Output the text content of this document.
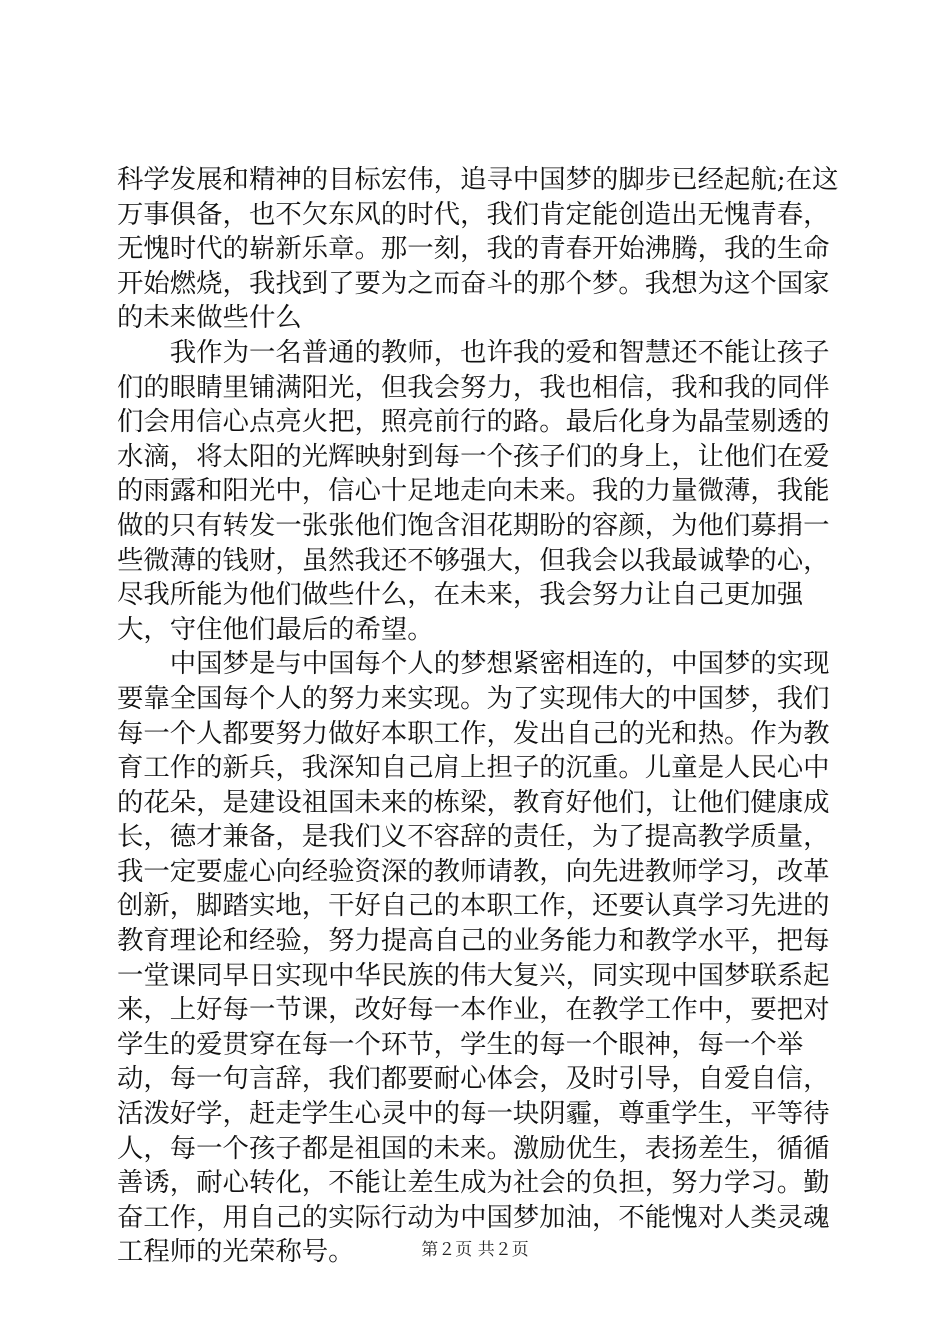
科学发展和精神的目标宏伟，追寻中国梦的脚步已经起航;在这万事俱备，也不欠东风的时代，我们肯定能创造出无愧青春，无愧时代的崭新乐章。那一刻，我的青春开始沸腾，我的生命开始燃烧，我找到了要为之而奋斗的那个梦。我想为这个国家的未来做些什么

我作为一名普通的教师，也许我的爱和智慧还不能让孩子们的眼睛里铺满阳光，但我会努力，我也相信，我和我的同伴们会用信心点亮火把，照亮前行的路。最后化身为晶莹剔透的水滴，将太阳的光辉映射到每一个孩子们的身上，让他们在爱的雨露和阳光中，信心十足地走向未来。我的力量微薄，我能做的只有转发一张张他们饱含泪花期盼的容颜，为他们募捐一些微薄的钱财，虽然我还不够强大，但我会以我最诚挚的心，尽我所能为他们做些什么，在未来，我会努力让自己更加强大，守住他们最后的希望。

中国梦是与中国每个人的梦想紧密相连的，中国梦的实现要靠全国每个人的努力来实现。为了实现伟大的中国梦，我们每一个人都要努力做好本职工作，发出自己的光和热。作为教育工作的新兵，我深知自己肩上担子的沉重。儿童是人民心中的花朵，是建设祖国未来的栋梁，教育好他们，让他们健康成长，德才兼备，是我们义不容辞的责任，为了提高教学质量，我一定要虚心向经验资深的教师请教，向先进教师学习，改革创新，脚踏实地，干好自己的本职工作，还要认真学习先进的教育理论和经验，努力提高自己的业务能力和教学水平，把每一堂课同早日实现中华民族的伟大复兴，同实现中国梦联系起来，上好每一节课，改好每一本作业，在教学工作中，要把对学生的爱贯穿在每一个环节，学生的每一个眼神，每一个举动，每一句言辞，我们都要耐心体会，及时引导，自爱自信，活泼好学，赶走学生心灵中的每一块阴霾，尊重学生，平等待人，每一个孩子都是祖国的未来。激励优生，表扬差生，循循善诱，耐心转化，不能让差生成为社会的负担，努力学习。勤奋工作，用自己的实际行动为中国梦加油，不能愧对人类灵魂工程师的光荣称号。	第２页 共２页
